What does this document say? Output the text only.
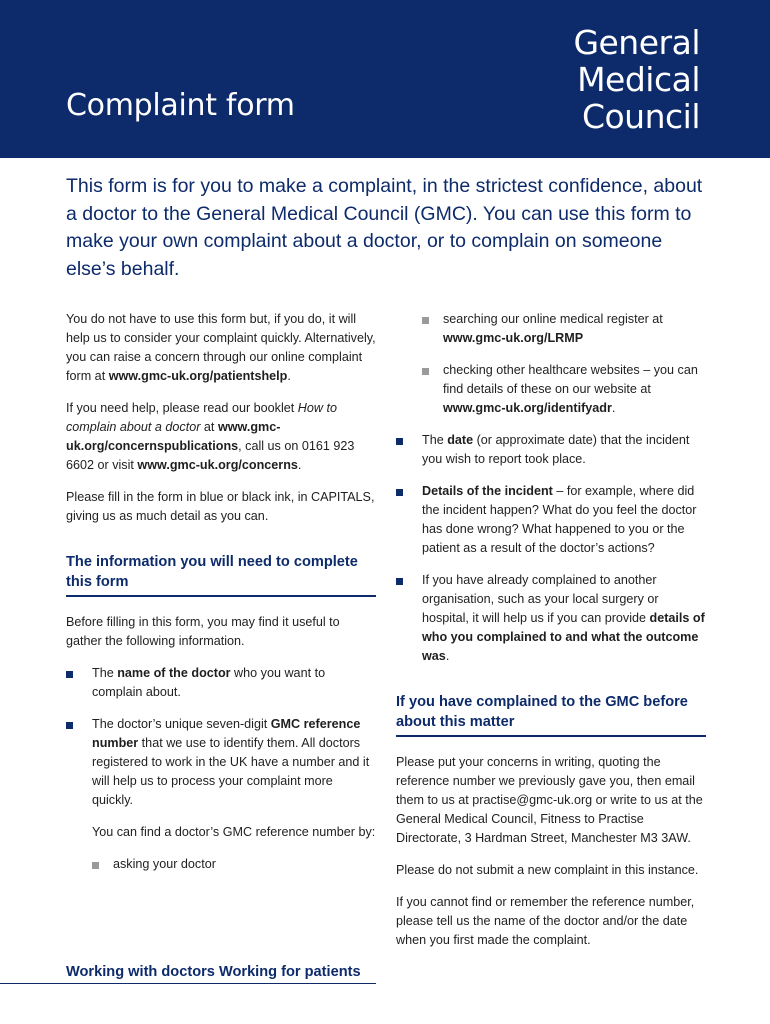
Complaint form
General
Medical
Council

This form is for you to make a complaint, in the strictest confidence, about a doctor to the General Medical Council (GMC). You can use this form to make your own complaint about a doctor, or to complain on someone else’s behalf.

You do not have to use this form but, if you do, it will help us to consider your complaint quickly. Alternatively, you can raise a concern through our online complaint form at www.gmc-uk.org/patientshelp.

If you need help, please read our booklet How to complain about a doctor at www.gmc-uk.org/concernspublications, call us on 0161 923 6602 or visit www.gmc-uk.org/concerns.

Please fill in the form in blue or black ink, in CAPITALS, giving us as much detail as you can.

The information you will need to complete this form

Before filling in this form, you may find it useful to gather the following information.

The name of the doctor who you want to complain about.

The doctor’s unique seven-digit GMC reference number that we use to identify them. All doctors registered to work in the UK have a number and it will help us to process your complaint more quickly.

You can find a doctor’s GMC reference number by:

asking your doctor

searching our online medical register at www.gmc-uk.org/LRMP

checking other healthcare websites – you can find details of these on our website at www.gmc-uk.org/identifyadr.

The date (or approximate date) that the incident you wish to report took place.

Details of the incident – for example, where did the incident happen? What do you feel the doctor has done wrong? What happened to you or the patient as a result of the doctor’s actions?

If you have already complained to another organisation, such as your local surgery or hospital, it will help us if you can provide details of who you complained to and what the outcome was.

If you have complained to the GMC before about this matter

Please put your concerns in writing, quoting the reference number we previously gave you, then email them to us at practise@gmc-uk.org or write to us at the General Medical Council, Fitness to Practise Directorate, 3 Hardman Street, Manchester M3 3AW.

Please do not submit a new complaint in this instance.

If you cannot find or remember the reference number, please tell us the name of the doctor and/or the date when you first made the complaint.

Working with doctors Working for patients
